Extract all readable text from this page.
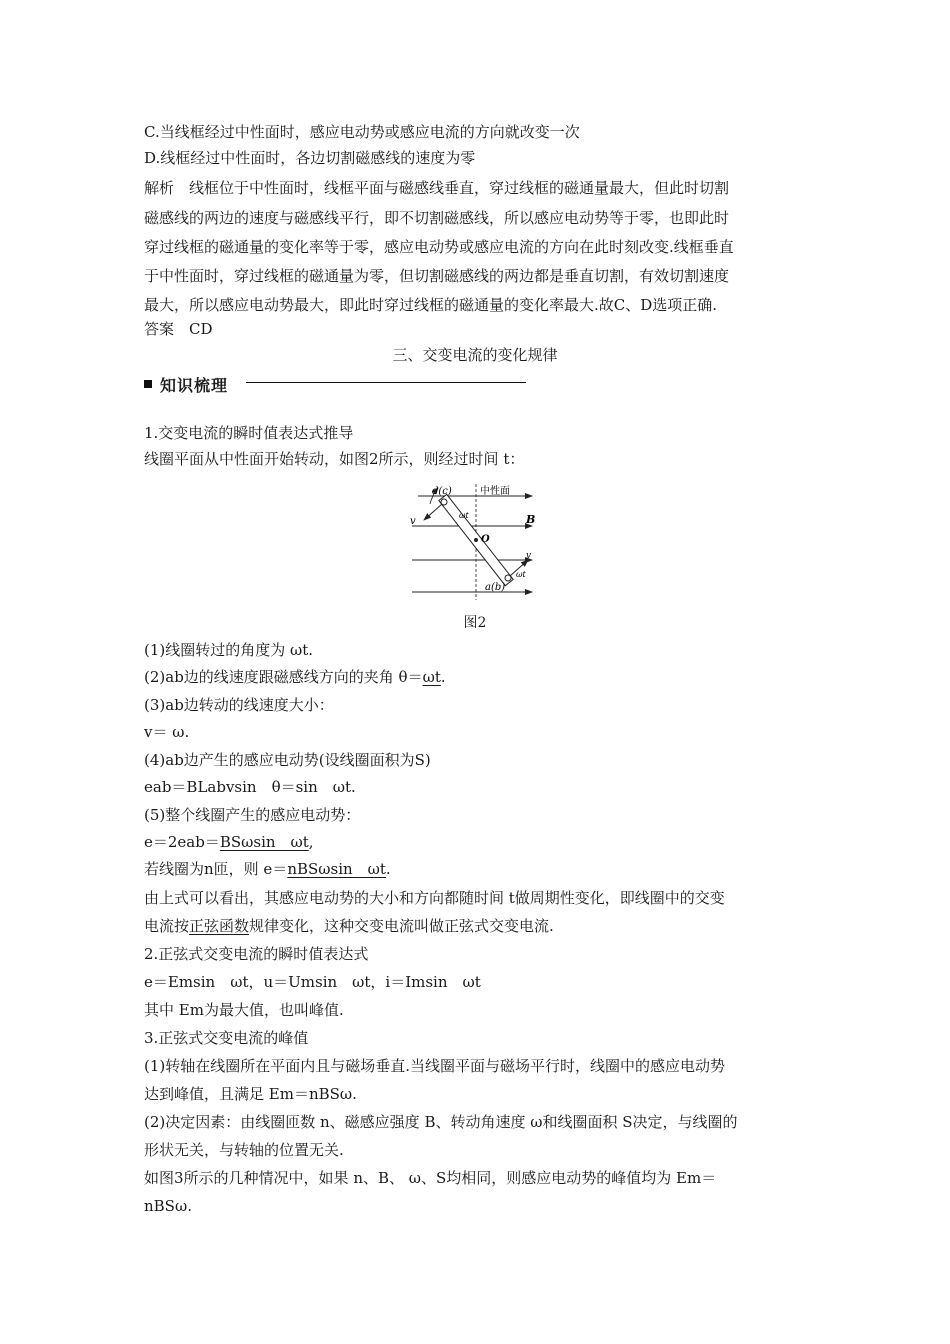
C.当线框经过中性面时，感应电动势或感应电流的方向就改变一次
D.线框经过中性面时，各边切割磁感线的速度为零
解析　线框位于中性面时，线框平面与磁感线垂直，穿过线框的磁通量最大，但此时切割
磁感线的两边的速度与磁感线平行，即不切割磁感线，所以感应电动势等于零，也即此时
穿过线框的磁通量的变化率等于零，感应电动势或感应电流的方向在此时刻改变.线框垂直
于中性面时，穿过线框的磁通量为零，但切割磁感线的两边都是垂直切割，有效切割速度
最大，所以感应电动势最大，即此时穿过线框的磁通量的变化率最大.故C、D选项正确.
答案　CD
三、交变电流的变化规律
知识梳理
1.交变电流的瞬时值表达式推导
线圈平面从中性面开始转动，如图2所示，则经过时间 t：
d(c)	中性面
v
ωt	B
O
v
ωt
a(b)
图2
(1)线圈转过的角度为 ωt.
(2)ab边的线速度跟磁感线方向的夹角 θ＝ωt.
(3)ab边转动的线速度大小：
v＝ ω.
(4)ab边产生的感应电动势(设线圈面积为S)
eab＝BLabvsin　θ＝sin　ωt.
(5)整个线圈产生的感应电动势：
e＝2eab＝BSωsin　ωt,
若线圈为n匝，则 e＝nBSωsin　ωt.
由上式可以看出，其感应电动势的大小和方向都随时间 t做周期性变化，即线圈中的交变
电流按正弦函数规律变化，这种交变电流叫做正弦式交变电流.
2.正弦式交变电流的瞬时值表达式
e＝Emsin　ωt，u＝Umsin　ωt，i＝Imsin　ωt
其中 Em为最大值，也叫峰值.
3.正弦式交变电流的峰值
(1)转轴在线圈所在平面内且与磁场垂直.当线圈平面与磁场平行时，线圈中的感应电动势
达到峰值，且满足 Em＝nBSω.
(2)决定因素：由线圈匝数 n、磁感应强度 B、转动角速度 ω和线圈面积 S决定，与线圈的
形状无关，与转轴的位置无关.
如图3所示的几种情况中，如果 n、B、 ω、S均相同，则感应电动势的峰值均为 Em＝
nBSω.
